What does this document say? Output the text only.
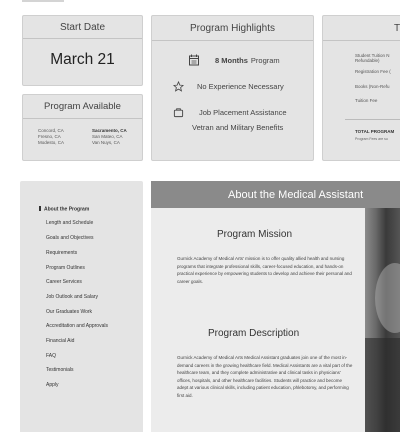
Start Date
March 21
Program Available
Concord, CA
Fresno, CA
Modesto, CA
Sacramento, CA
San Mateo, CA
Van Nuys, CA
Program Highlights
8 Months Program
No Experience Necessary
Job Placement Assistance
Vetran and Military Benefits
T
Student Tuition N
Refundable)
Registration Fee (
Books (Non-Refu
Tuition Fee
TOTAL PROGRAM
Program Fees are su
About the Program
Length and Schedule
Goals and Objectives
Requirements
Program Outlines
Career Services
Job Outlook and Salary
Our Graduates Work
Accreditation and Approvals
Financial Aid
FAQ
Testimonials
Apply
About the Medical Assistant
Program Mission
Gurnick Academy of Medical Arts' mission is to offer quality allied health and nursing programs that integrate professional skills, career-focused education, and hands-on practical experience by empowering students to develop and achieve their personal and career goals.
Program Description
Gurnick Academy of Medical Arts Medical Assistant graduates join one of the most in-demand careers in the growing healthcare field. Medical Assistants are a vital part of the healthcare team, and they complete administrative and clinical tasks in physicians' offices, hospitals, and other healthcare facilities. Students will practice and become adept at various clinical skills, including patient education, phlebotomy, and performing first aid.
